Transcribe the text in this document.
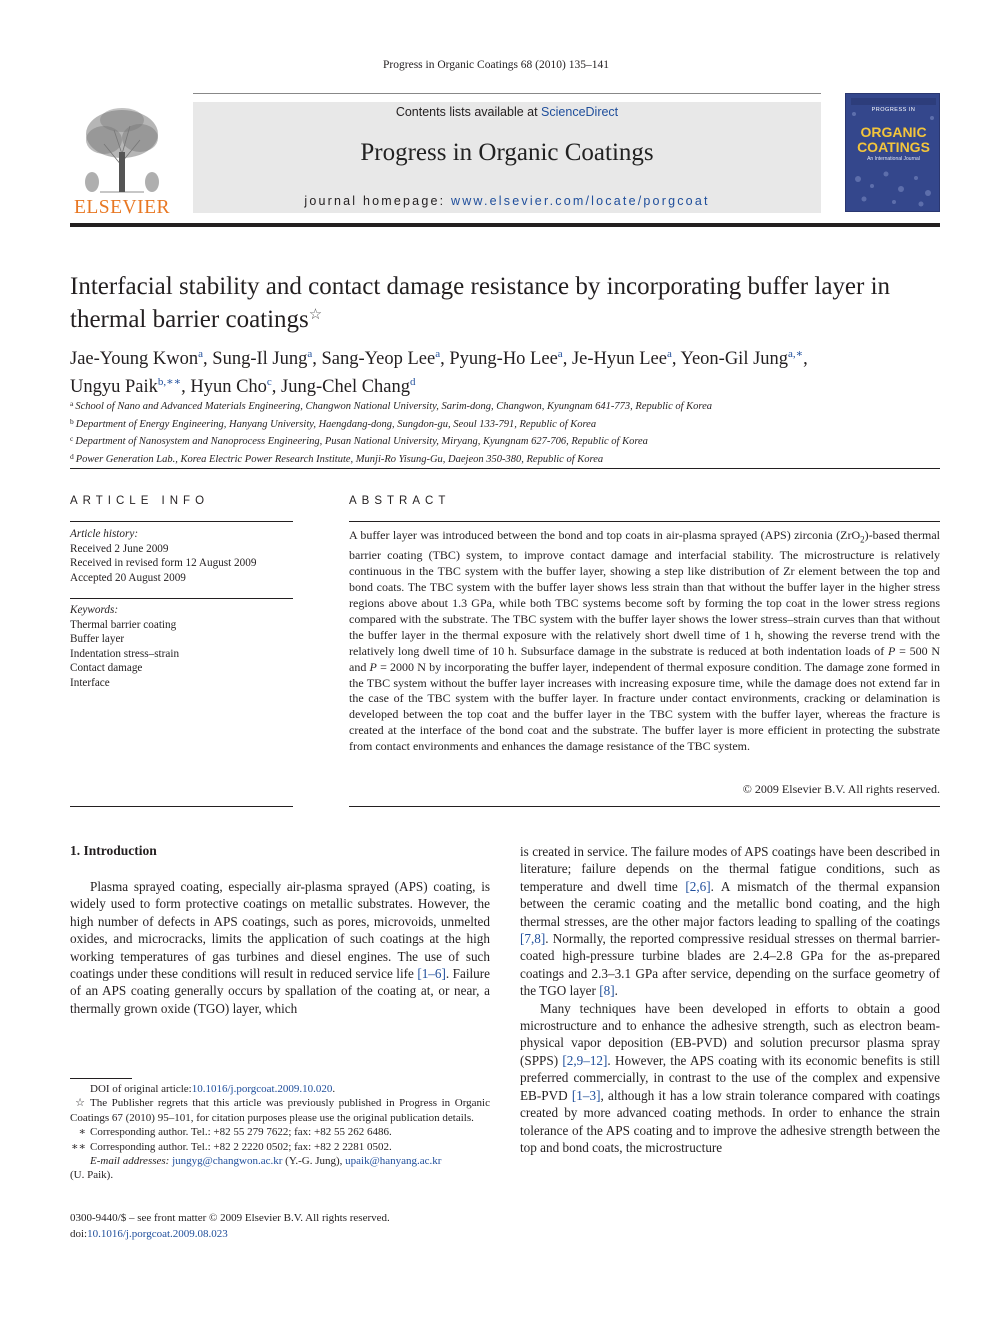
Progress in Organic Coatings 68 (2010) 135–141
ELSEVIER
Contents lists available at ScienceDirect
Progress in Organic Coatings
journal homepage: www.elsevier.com/locate/porgcoat
PROGRESS IN
ORGANIC
COATINGS
An International Journal
Interfacial stability and contact damage resistance by incorporating buffer layer in thermal barrier coatings☆
Jae-Young Kwon$^a$, Sung-Il Jung$^a$, Sang-Yeop Lee$^a$, Pyung-Ho Lee$^a$, Je-Hyun Lee$^a$, Yeon-Gil Jung$^{a,∗}$,
Ungyu Paik$^{b,∗∗}$, Hyun Cho$^c$, Jung-Chel Chang$^d$
$^a$ School of Nano and Advanced Materials Engineering, Changwon National University, Sarim-dong, Changwon, Kyungnam 641-773, Republic of Korea
$^b$ Department of Energy Engineering, Hanyang University, Haengdang-dong, Sungdon-gu, Seoul 133-791, Republic of Korea
$^c$ Department of Nanosystem and Nanoprocess Engineering, Pusan National University, Miryang, Kyungnam 627-706, Republic of Korea
$^d$ Power Generation Lab., Korea Electric Power Research Institute, Munji-Ro Yisung-Gu, Daejeon 350-380, Republic of Korea
ARTICLE INFO
Article history:
Received 2 June 2009
Received in revised form 12 August 2009
Accepted 20 August 2009
Keywords:
Thermal barrier coating
Buffer layer
Indentation stress–strain
Contact damage
Interface
ABSTRACT
A buffer layer was introduced between the bond and top coats in air-plasma sprayed (APS) zirconia (ZrO$_2$)-based thermal barrier coating (TBC) system, to improve contact damage and interfacial stability. The microstructure is relatively continuous in the TBC system with the buffer layer, showing a step like distribution of Zr element between the top and bond coats. The TBC system with the buffer layer shows less strain than that without the buffer layer in the higher stress regions above about 1.3 GPa, while both TBC systems become soft by forming the top coat in the lower stress regions compared with the substrate. The TBC system with the buffer layer shows the lower stress–strain curves than that without the buffer layer in the thermal exposure with the relatively short dwell time of 1 h, showing the reverse trend with the relatively long dwell time of 10 h. Subsurface damage in the substrate is reduced at both indentation loads of P = 500 N and P = 2000 N by incorporating the buffer layer, independent of thermal exposure condition. The damage zone formed in the TBC system without the buffer layer increases with increasing exposure time, while the damage does not extend far in the case of the TBC system with the buffer layer. In fracture under contact environments, cracking or delamination is developed between the top coat and the buffer layer in the TBC system with the buffer layer, whereas the fracture is created at the interface of the bond coat and the substrate. The buffer layer is more efficient in protecting the substrate from contact environments and enhances the damage resistance of the TBC system.
© 2009 Elsevier B.V. All rights reserved.
1. Introduction

Plasma sprayed coating, especially air-plasma sprayed (APS) coating, is widely used to form protective coatings on metallic substrates. However, the high number of defects in APS coatings, such as pores, microvoids, unmelted oxides, and microcracks, limits the application of such coatings at the high working temperatures of gas turbines and diesel engines. The use of such coatings under these conditions will result in reduced service life [1–6]. Failure of an APS coating generally occurs by spallation of the coating at, or near, a thermally grown oxide (TGO) layer, which

is created in service. The failure modes of APS coatings have been described in literature; failure depends on the thermal fatigue conditions, such as temperature and dwell time [2,6]. A mismatch of the thermal expansion between the ceramic coating and the metallic bond coating, and the high thermal stresses, are the other major factors leading to spalling of the coatings [7,8]. Normally, the reported compressive residual stresses on thermal barrier-coated high-pressure turbine blades are 2.4–2.8 GPa for the as-prepared coatings and 2.3–3.1 GPa after service, depending on the surface geometry of the TGO layer [8].

Many techniques have been developed in efforts to obtain a good microstructure and to enhance the adhesive strength, such as electron beam-physical vapor deposition (EB-PVD) and solution precursor plasma spray (SPPS) [2,9–12]. However, the APS coating with its economic benefits is still preferred commercially, in contrast to the use of the complex and expensive EB-PVD [1–3], although it has a low strain tolerance compared with coatings created by more advanced coating methods. In order to enhance the strain tolerance of the APS coating and to improve the adhesive strength between the top and bond coats, the microstructure

DOI of original article:10.1016/j.porgcoat.2009.10.020.
☆ The Publisher regrets that this article was previously published in Progress in Organic Coatings 67 (2010) 95–101, for citation purposes please use the original publication details.
∗ Corresponding author. Tel.: +82 55 279 7622; fax: +82 55 262 6486.
∗∗ Corresponding author. Tel.: +82 2 2220 0502; fax: +82 2 2281 0502.
E-mail addresses: jungyg@changwon.ac.kr (Y.-G. Jung), upaik@hanyang.ac.kr
(U. Paik).
0300-9440/$ – see front matter © 2009 Elsevier B.V. All rights reserved.
doi:10.1016/j.porgcoat.2009.08.023
